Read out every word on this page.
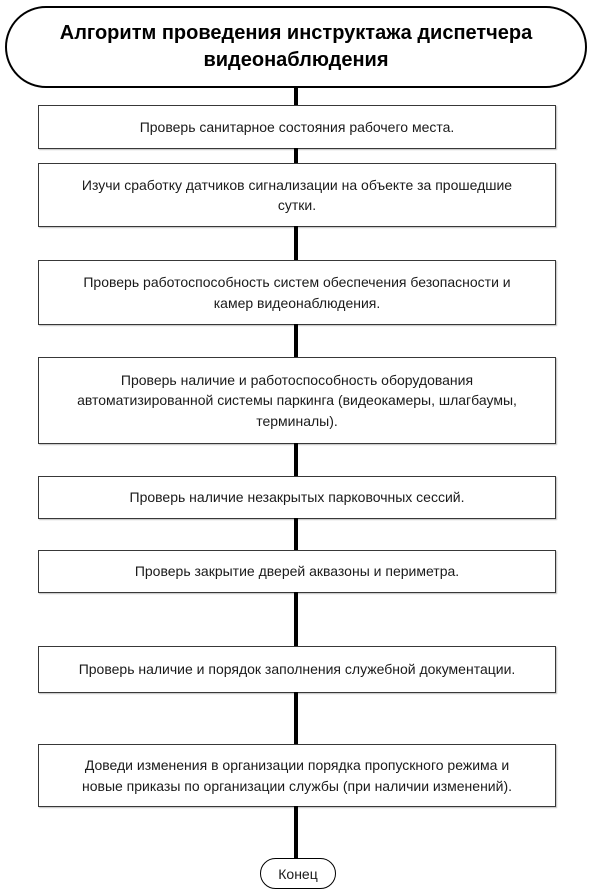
Алгоритм проведения инструктажа диспетчера видеонаблюдения
Проверь санитарное состояния рабочего места.
Изучи сработку датчиков сигнализации на объекте за прошедшие сутки.
Проверь работоспособность систем обеспечения безопасности и камер видеонаблюдения.
Проверь наличие и работоспособность оборудования автоматизированной системы паркинга (видеокамеры, шлагбаумы, терминалы).
Проверь наличие незакрытых парковочных сессий.
Проверь закрытие дверей аквазоны и периметра.
Проверь наличие и порядок заполнения служебной документации.
Доведи изменения в организации порядка пропускного режима и новые приказы по организации службы (при наличии изменений).
Конец
